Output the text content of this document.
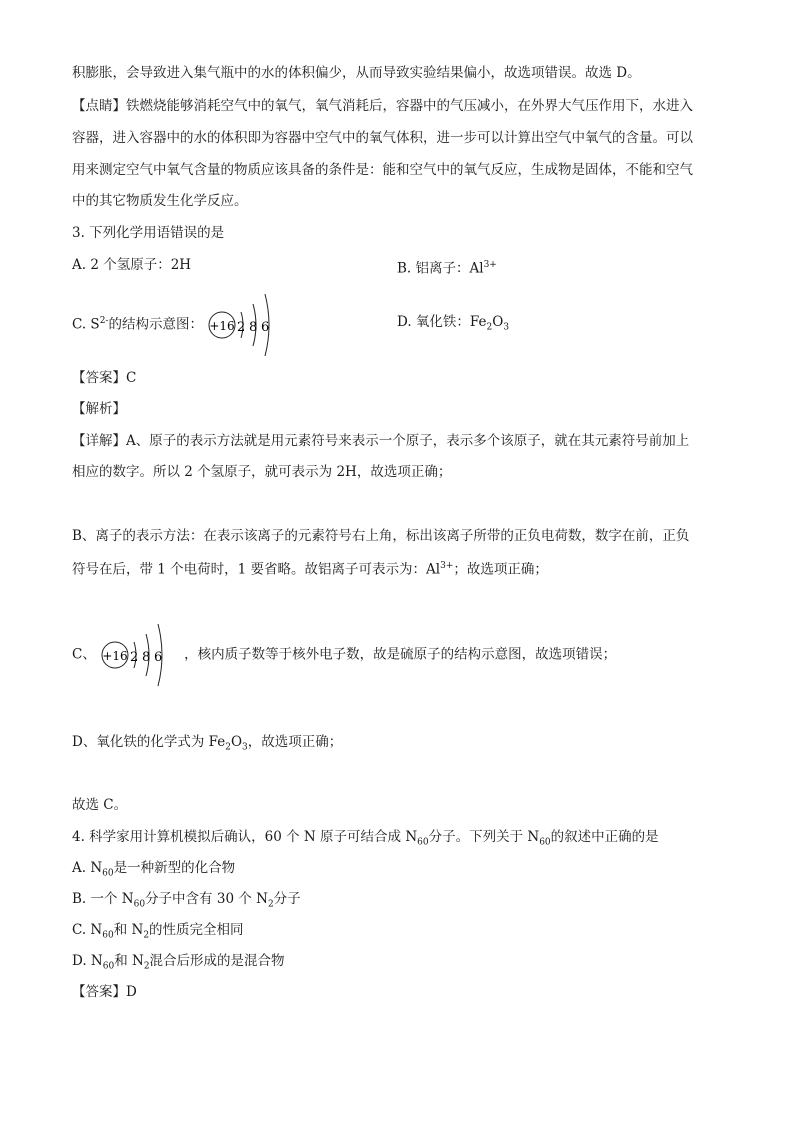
积膨胀，会导致进入集气瓶中的水的体积偏少，从而导致实验结果偏小，故选项错误。故选 D。
【点睛】铁燃烧能够消耗空气中的氧气，氧气消耗后，容器中的气压减小，在外界大气压作用下，水进入
容器，进入容器中的水的体积即为容器中空气中的氧气体积，进一步可以计算出空气中氧气的含量。可以
用来测定空气中氧气含量的物质应该具备的条件是：能和空气中的氧气反应，生成物是固体，不能和空气
中的其它物质发生化学反应。
3. 下列化学用语错误的是
A. 2 个氢原子：2H	B. 铝离子：$Al^{3+}$
C. $S^{2-}$的结构示意图： +16 2 8 6	D. 氧化铁：$Fe_2O_3$
【答案】C
【解析】
【详解】A、原子的表示方法就是用元素符号来表示一个原子，表示多个该原子，就在其元素符号前加上
相应的数字。所以 2 个氢原子，就可表示为 2H，故选项正确；
B、离子的表示方法：在表示该离子的元素符号右上角，标出该离子所带的正负电荷数，数字在前，正负
符号在后，带 1 个电荷时，1 要省略。故铝离子可表示为：$Al^{3+}$；故选项正确；
C、 +16 2 8 6 ，核内质子数等于核外电子数，故是硫原子的结构示意图，故选项错误；
D、氧化铁的化学式为 $Fe_2O_3$，故选项正确；
故选 C。
4. 科学家用计算机模拟后确认，60 个 N 原子可结合成 $N_{60}$分子。下列关于 $N_{60}$的叙述中正确的是
A. $N_{60}$是一种新型的化合物
B. 一个 $N_{60}$分子中含有 30 个 $N_2$分子
C. $N_{60}$和 $N_2$的性质完全相同
D. $N_{60}$和 $N_2$混合后形成的是混合物
【答案】D
